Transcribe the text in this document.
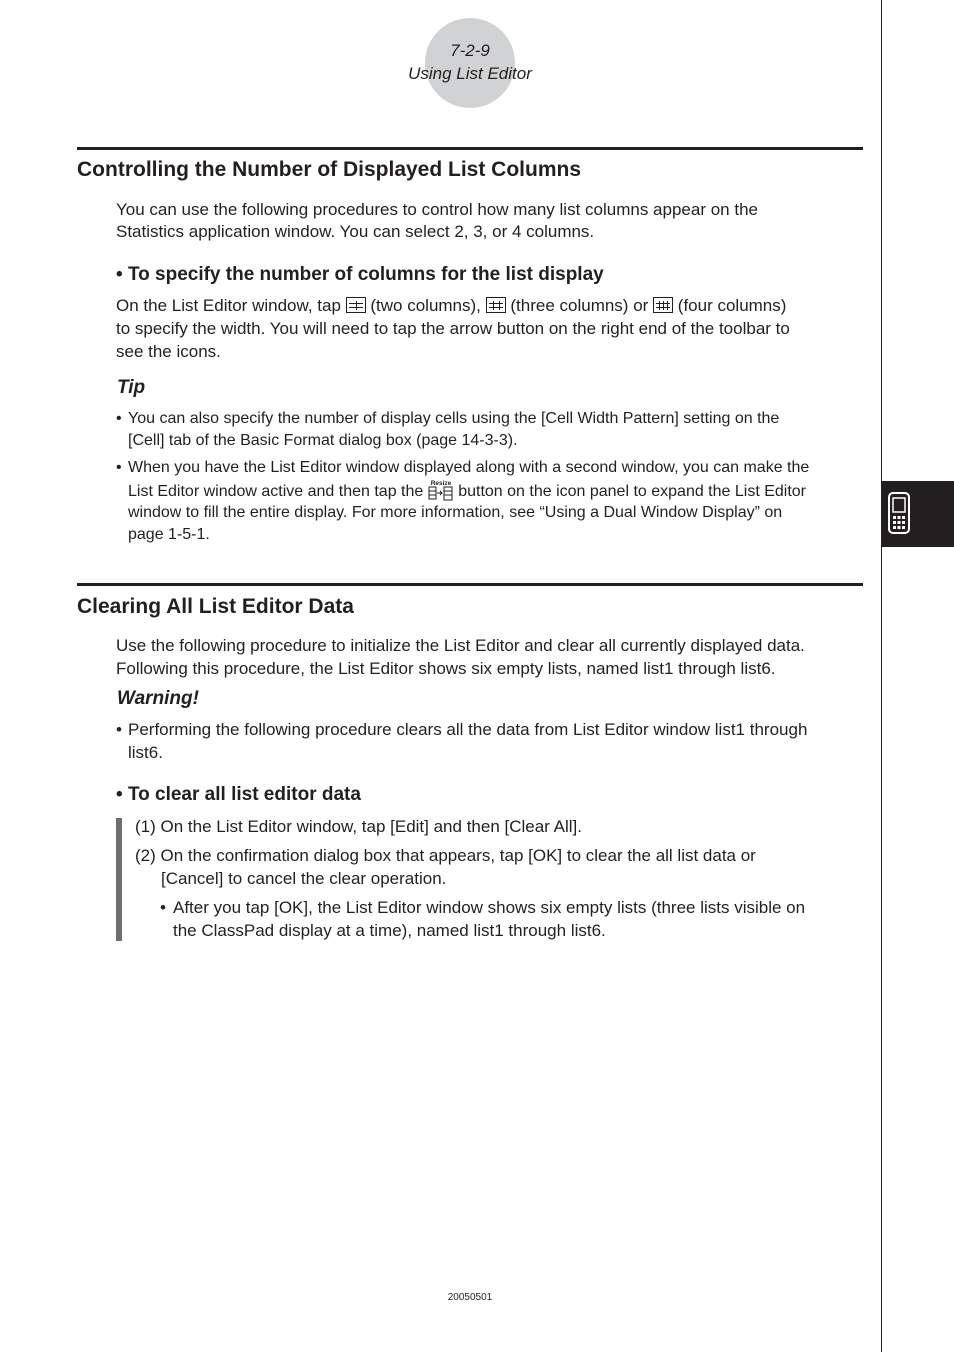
7-2-9
Using List Editor
Controlling the Number of Displayed List Columns
You can use the following procedures to control how many list columns appear on the
Statistics application window. You can select 2, 3, or 4 columns.
• To specify the number of columns for the list display
On the List Editor window, tap (two columns), (three columns) or (four columns)
to specify the width. You will need to tap the arrow button on the right end of the toolbar to
see the icons.
Tip
• You can also specify the number of display cells using the [Cell Width Pattern] setting on the
[Cell] tab of the Basic Format dialog box (page 14-3-3).
• When you have the List Editor window displayed along with a second window, you can make the
List Editor window active and then tap the Resize button on the icon panel to expand the List Editor
window to fill the entire display. For more information, see “Using a Dual Window Display” on
page 1-5-1.
Clearing All List Editor Data
Use the following procedure to initialize the List Editor and clear all currently displayed data.
Following this procedure, the List Editor shows six empty lists, named list1 through list6.
Warning!
• Performing the following procedure clears all the data from List Editor window list1 through
list6.
• To clear all list editor data
(1) On the List Editor window, tap [Edit] and then [Clear All].
(2) On the confirmation dialog box that appears, tap [OK] to clear the all list data or
[Cancel] to cancel the clear operation.
• After you tap [OK], the List Editor window shows six empty lists (three lists visible on
the ClassPad display at a time), named list1 through list6.
20050501
